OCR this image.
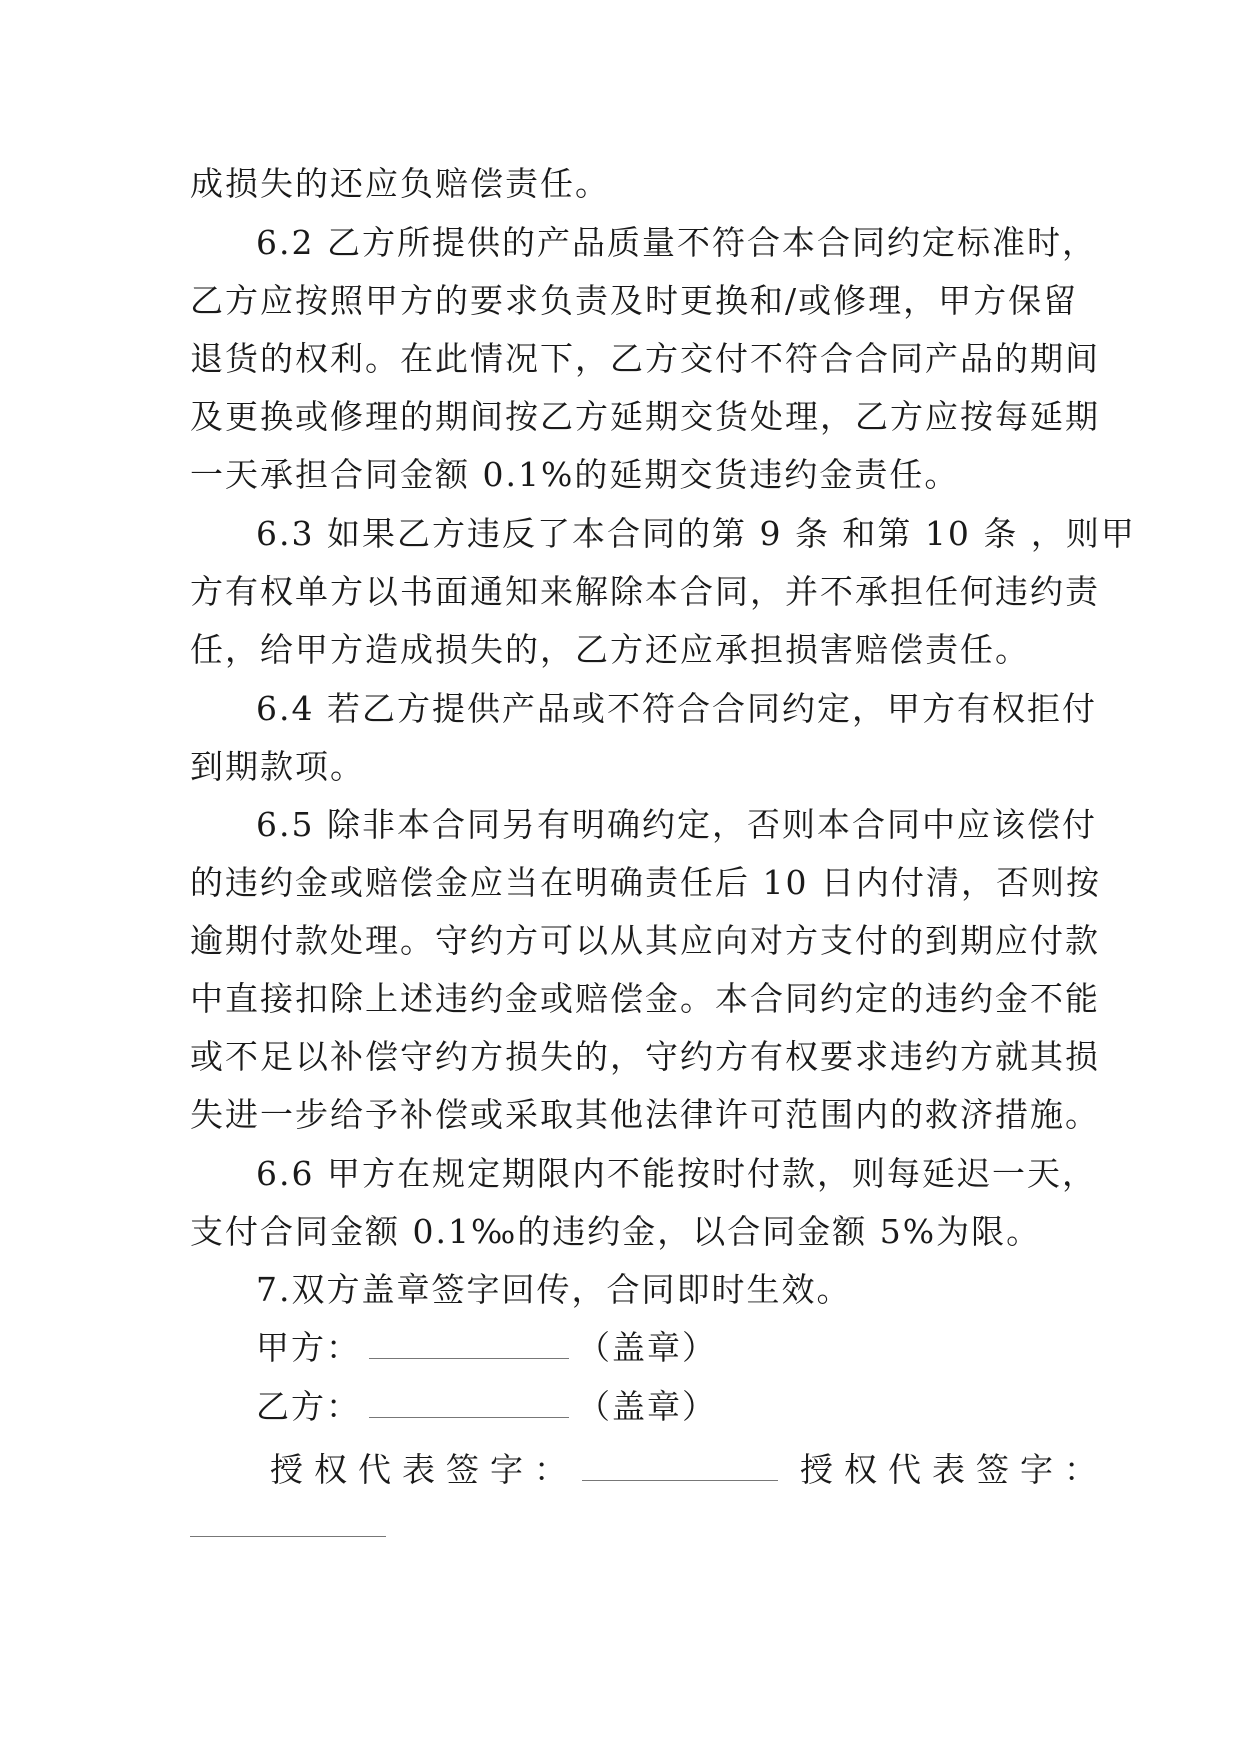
成损失的还应负赔偿责任。
6.2 乙方所提供的产品质量不符合本合同约定标准时，
乙方应按照甲方的要求负责及时更换和/或修理，甲方保留
退货的权利。在此情况下，乙方交付不符合合同产品的期间
及更换或修理的期间按乙方延期交货处理，乙方应按每延期
一天承担合同金额 0.1%的延期交货违约金责任。
6.3 如果乙方违反了本合同的第 9 条 和第 10 条 ，则甲
方有权单方以书面通知来解除本合同，并不承担任何违约责
任，给甲方造成损失的，乙方还应承担损害赔偿责任。
6.4 若乙方提供产品或不符合合同约定，甲方有权拒付
到期款项。
6.5 除非本合同另有明确约定，否则本合同中应该偿付
的违约金或赔偿金应当在明确责任后 10 日内付清，否则按
逾期付款处理。守约方可以从其应向对方支付的到期应付款
中直接扣除上述违约金或赔偿金。本合同约定的违约金不能
或不足以补偿守约方损失的，守约方有权要求违约方就其损
失进一步给予补偿或采取其他法律许可范围内的救济措施。
6.6 甲方在规定期限内不能按时付款，则每延迟一天，
支付合同金额 0.1‰的违约金，以合同金额 5%为限。
7.双方盖章签字回传，合同即时生效。
甲方：	（盖章）
乙方：	（盖章）
授权代表签字：	授权代表签字：
